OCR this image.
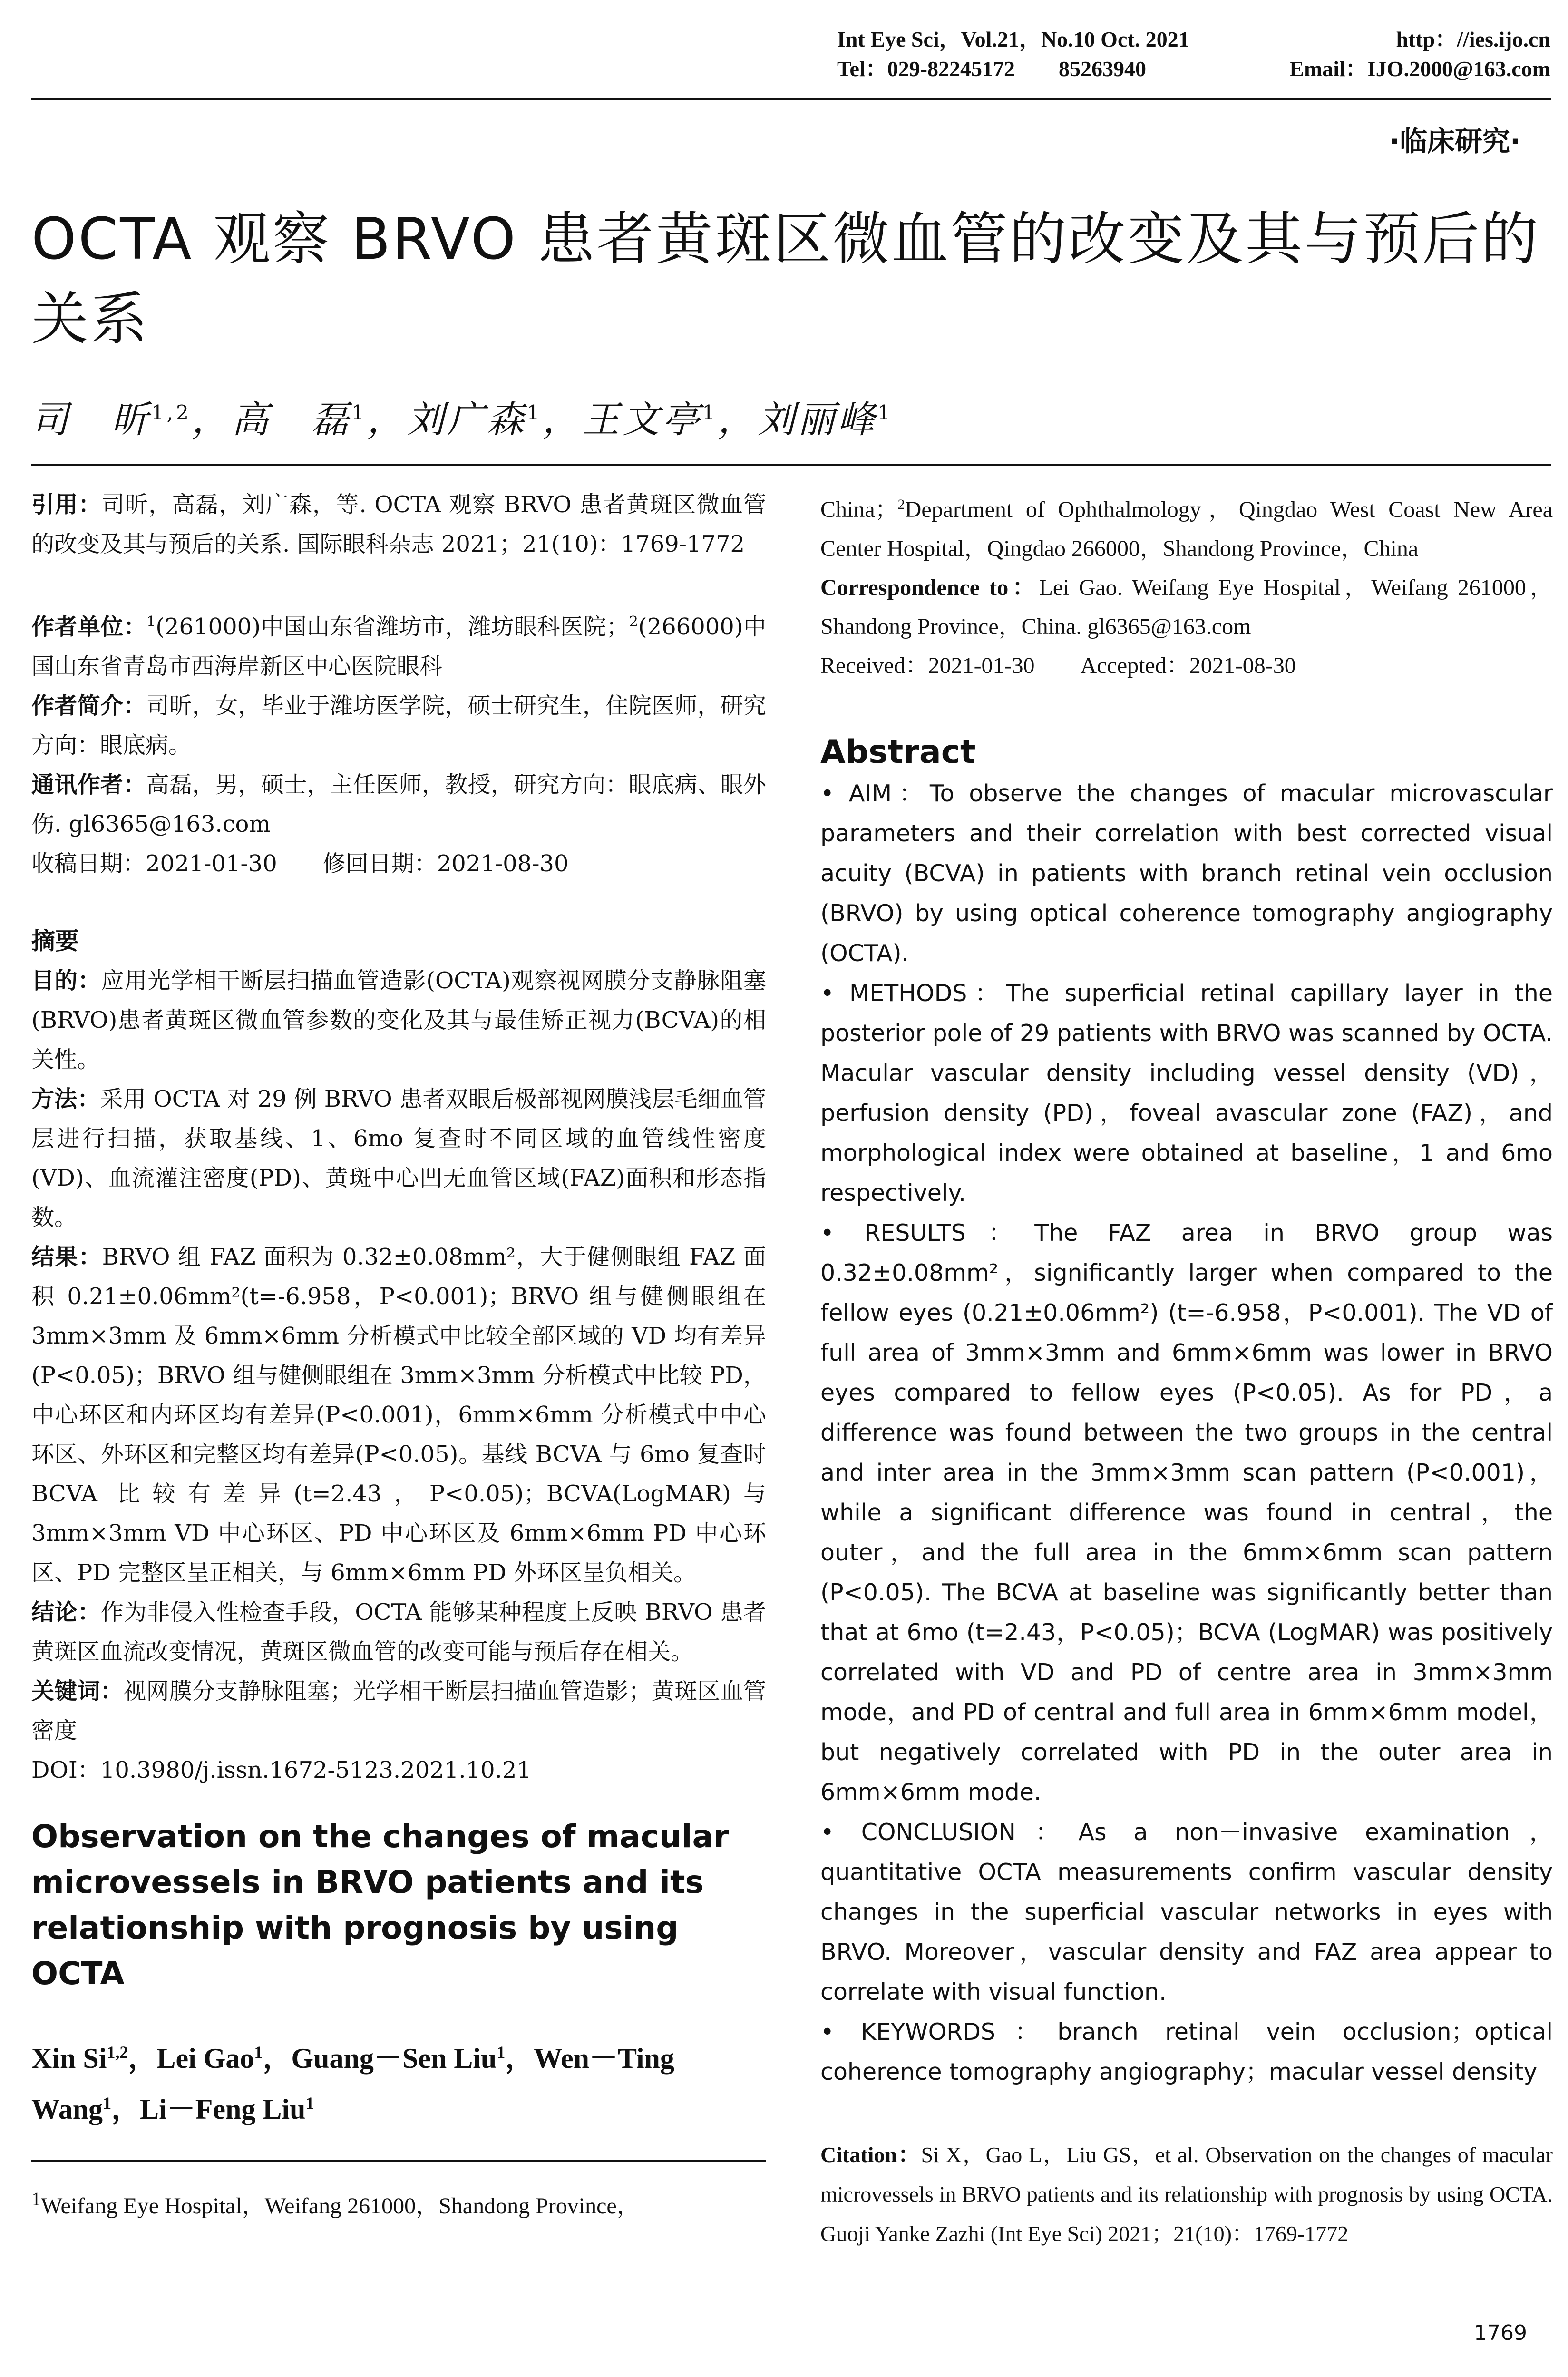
Int Eye Sci，Vol.21，No.10 Oct. 2021	http：//ies.ijo.cn
Tel：029-82245172　　85263940	Email：IJO.2000@163.com
·临床研究·
OCTA 观察 BRVO 患者黄斑区微血管的改变及其与预后的关系
司　昕$^{1,2}$，高　磊$^1$，刘广森$^1$，王文亭$^1$，刘丽峰$^1$

引用：司昕，高磊，刘广森，等. OCTA 观察 BRVO 患者黄斑区微血管的改变及其与预后的关系. 国际眼科杂志 2021；21(10)：1769-1772

作者单位：$^1$(261000)中国山东省潍坊市，潍坊眼科医院；$^2$(266000)中国山东省青岛市西海岸新区中心医院眼科

作者简介：司昕，女，毕业于潍坊医学院，硕士研究生，住院医师，研究方向：眼底病。

通讯作者：高磊，男，硕士，主任医师，教授，研究方向：眼底病、眼外伤. gl6365@163.com

收稿日期：2021-01-30　　修回日期：2021-08-30

摘要

目的：应用光学相干断层扫描血管造影(OCTA)观察视网膜分支静脉阻塞(BRVO)患者黄斑区微血管参数的变化及其与最佳矫正视力(BCVA)的相关性。

方法：采用 OCTA 对 29 例 BRVO 患者双眼后极部视网膜浅层毛细血管层进行扫描，获取基线、1、6mo 复查时不同区域的血管线性密度(VD)、血流灌注密度(PD)、黄斑中心凹无血管区域(FAZ)面积和形态指数。

结果：BRVO 组 FAZ 面积为 0.32±0.08mm²，大于健侧眼组 FAZ 面积 0.21±0.06mm²(t=-6.958，P<0.001)；BRVO 组与健侧眼组在 3mm×3mm 及 6mm×6mm 分析模式中比较全部区域的 VD 均有差异(P<0.05)；BRVO 组与健侧眼组在 3mm×3mm 分析模式中比较 PD，中心环区和内环区均有差异(P<0.001)，6mm×6mm 分析模式中中心环区、外环区和完整区均有差异(P<0.05)。基线 BCVA 与 6mo 复查时 BCVA 比较有差异(t=2.43，P<0.05)；BCVA(LogMAR)与 3mm×3mm VD 中心环区、PD 中心环区及 6mm×6mm PD 中心环区、PD 完整区呈正相关，与 6mm×6mm PD 外环区呈负相关。

结论：作为非侵入性检查手段，OCTA 能够某种程度上反映 BRVO 患者黄斑区血流改变情况，黄斑区微血管的改变可能与预后存在相关。

关键词：视网膜分支静脉阻塞；光学相干断层扫描血管造影；黄斑区血管密度

DOI：10.3980/j.issn.1672-5123.2021.10.21

Observation on the changes of macular microvessels in BRVO patients and its relationship with prognosis by using OCTA
Xin Si$^{1,2}$，Lei Gao$^1$，Guang－Sen Liu$^1$，Wen－Ting Wang$^1$，Li－Feng Liu$^1$
$^1$Weifang Eye Hospital，Weifang 261000，Shandong Province，

China；$^2$Department of Ophthalmology，Qingdao West Coast New Area Center Hospital，Qingdao 266000，Shandong Province，China

Correspondence to：Lei Gao. Weifang Eye Hospital，Weifang 261000，Shandong Province，China. gl6365@163.com

Received：2021-01-30　　Accepted：2021-08-30

Abstract

• AIM：To observe the changes of macular microvascular parameters and their correlation with best corrected visual acuity (BCVA) in patients with branch retinal vein occlusion (BRVO) by using optical coherence tomography angiography (OCTA).

• METHODS：The superficial retinal capillary layer in the posterior pole of 29 patients with BRVO was scanned by OCTA. Macular vascular density including vessel density (VD)，perfusion density (PD)，foveal avascular zone (FAZ)，and morphological index were obtained at baseline，1 and 6mo respectively.

• RESULTS：The FAZ area in BRVO group was 0.32±0.08mm²，significantly larger when compared to the fellow eyes (0.21±0.06mm²) (t=-6.958，P<0.001). The VD of full area of 3mm×3mm and 6mm×6mm was lower in BRVO eyes compared to fellow eyes (P<0.05). As for PD，a difference was found between the two groups in the central and inter area in the 3mm×3mm scan pattern (P<0.001)，while a significant difference was found in central，the outer，and the full area in the 6mm×6mm scan pattern (P<0.05). The BCVA at baseline was significantly better than that at 6mo (t=2.43，P<0.05)；BCVA (LogMAR) was positively correlated with VD and PD of centre area in 3mm×3mm mode，and PD of central and full area in 6mm×6mm model，but negatively correlated with PD in the outer area in 6mm×6mm mode.

• CONCLUSION：As a non－invasive examination，quantitative OCTA measurements confirm vascular density changes in the superficial vascular networks in eyes with BRVO. Moreover，vascular density and FAZ area appear to correlate with visual function.

• KEYWORDS：branch retinal vein occlusion；optical coherence tomography angiography；macular vessel density

Citation：Si X，Gao L，Liu GS，et al. Observation on the changes of macular microvessels in BRVO patients and its relationship with prognosis by using OCTA. Guoji Yanke Zazhi (Int Eye Sci) 2021；21(10)：1769-1772
1769
